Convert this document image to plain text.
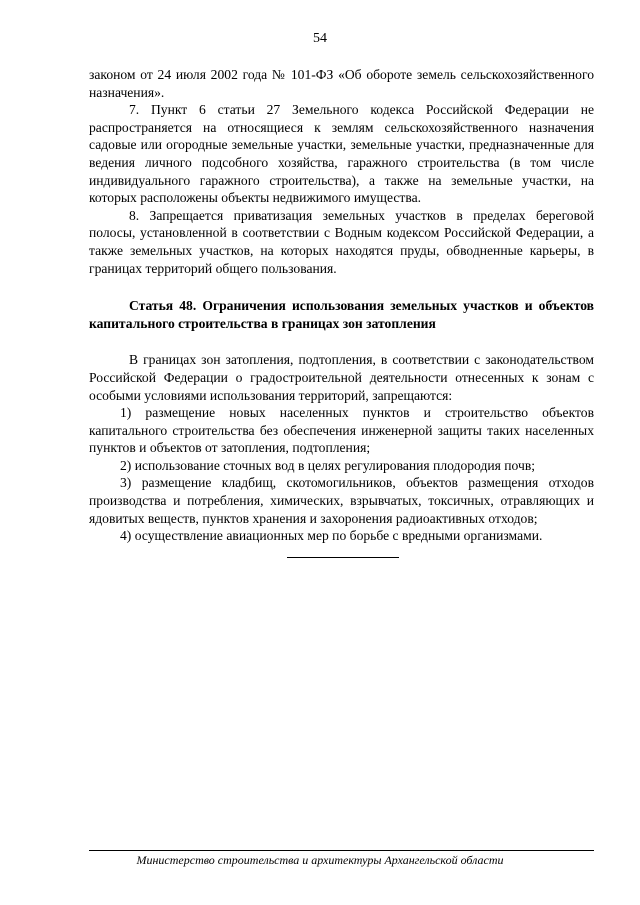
54

законом от 24 июля 2002 года № 101-ФЗ «Об обороте земель сельскохозяйственного назначения».

7. Пункт 6 статьи 27 Земельного кодекса Российской Федерации не распространяется на относящиеся к землям сельскохозяйственного назначения садовые или огородные земельные участки, земельные участки, предназначенные для ведения личного подсобного хозяйства, гаражного строительства (в том числе индивидуального гаражного строительства), а также на земельные участки, на которых расположены объекты недвижимого имущества.

8. Запрещается приватизация земельных участков в пределах береговой полосы, установленной в соответствии с Водным кодексом Российской Федерации, а также земельных участков, на которых находятся пруды, обводненные карьеры, в границах территорий общего пользования.

Статья 48. Ограничения использования земельных участков и объектов капитального строительства в границах зон затопления

В границах зон затопления, подтопления, в соответствии с законодательством Российской Федерации о градостроительной деятельности отнесенных к зонам с особыми условиями использования территорий, запрещаются:

1) размещение новых населенных пунктов и строительство объектов капитального строительства без обеспечения инженерной защиты таких населенных пунктов и объектов от затопления, подтопления;

2) использование сточных вод в целях регулирования плодородия почв;

3) размещение кладбищ, скотомогильников, объектов размещения отходов производства и потребления, химических, взрывчатых, токсичных, отравляющих и ядовитых веществ, пунктов хранения и захоронения радиоактивных отходов;

4) осуществление авиационных мер по борьбе с вредными организмами.

Министерство строительства и архитектуры Архангельской области
